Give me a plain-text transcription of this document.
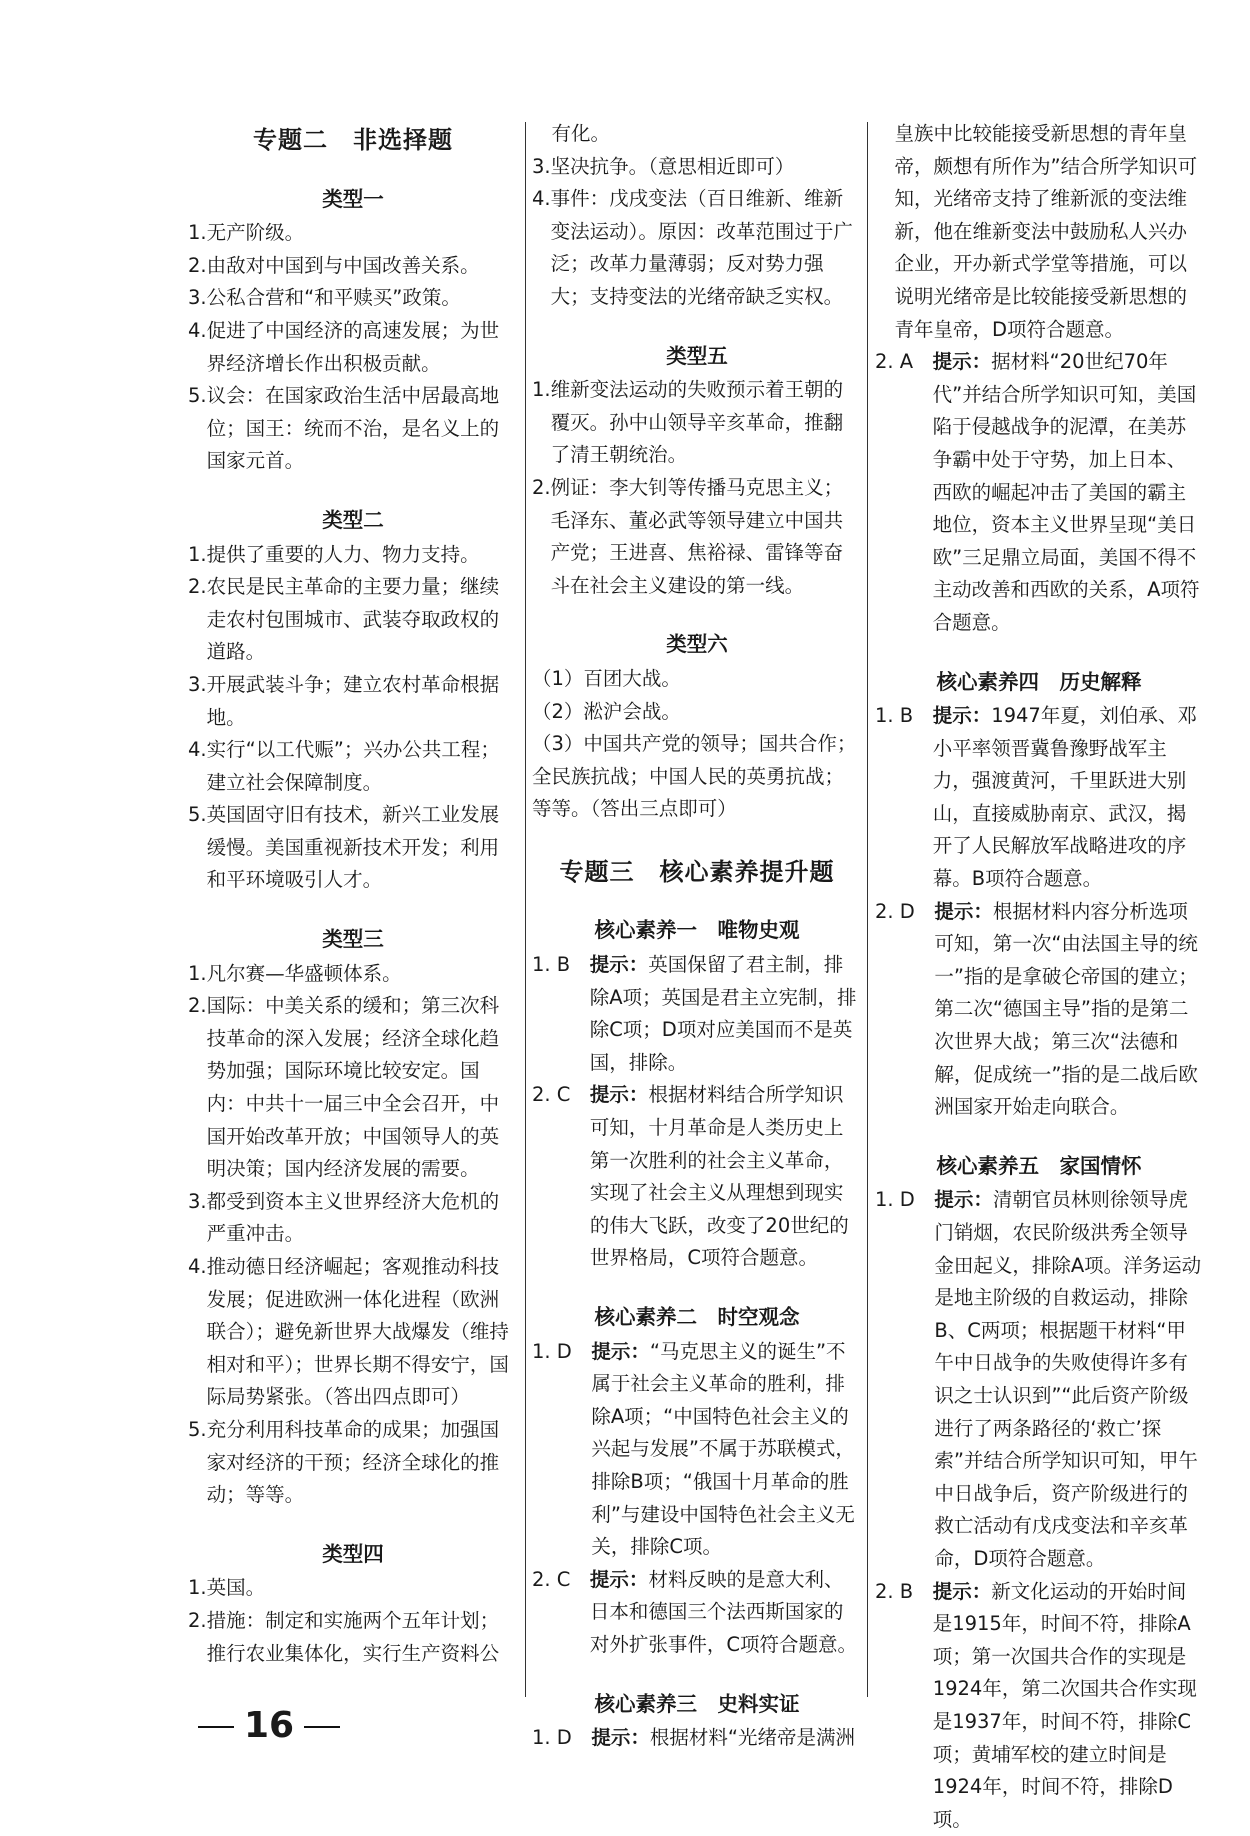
专题二　非选择题
类型一
1. 无产阶级。
2. 由敌对中国到与中国改善关系。
3. 公私合营和“和平赎买”政策。
4. 促进了中国经济的高速发展；为世界经济增长作出积极贡献。
5. 议会：在国家政治生活中居最高地位；国王：统而不治，是名义上的国家元首。
类型二
1. 提供了重要的人力、物力支持。
2. 农民是民主革命的主要力量；继续走农村包围城市、武装夺取政权的道路。
3. 开展武装斗争；建立农村革命根据地。
4. 实行“以工代赈”；兴办公共工程；建立社会保障制度。
5. 英国固守旧有技术，新兴工业发展缓慢。美国重视新技术开发；利用和平环境吸引人才。
类型三
1. 凡尔赛—华盛顿体系。
2. 国际：中美关系的缓和；第三次科技革命的深入发展；经济全球化趋势加强；国际环境比较安定。国内：中共十一届三中全会召开，中国开始改革开放；中国领导人的英明决策；国内经济发展的需要。
3. 都受到资本主义世界经济大危机的严重冲击。
4. 推动德日经济崛起；客观推动科技发展；促进欧洲一体化进程（欧洲联合）；避免新世界大战爆发（维持相对和平）；世界长期不得安宁，国际局势紧张。（答出四点即可）
5. 充分利用科技革命的成果；加强国家对经济的干预；经济全球化的推动；等等。
类型四
1. 英国。
2. 措施：制定和实施两个五年计划；推行农业集体化，实行生产资料公

有化。
3. 坚决抗争。（意思相近即可）
4. 事件：戊戌变法（百日维新、维新变法运动）。原因：改革范围过于广泛；改革力量薄弱；反对势力强大；支持变法的光绪帝缺乏实权。
类型五
1. 维新变法运动的失败预示着王朝的覆灭。孙中山领导辛亥革命，推翻了清王朝统治。
2. 例证：李大钊等传播马克思主义；毛泽东、董必武等领导建立中国共产党；王进喜、焦裕禄、雷锋等奋斗在社会主义建设的第一线。
类型六
（1）百团大战。
（2）淞沪会战。
（3）中国共产党的领导；国共合作；全民族抗战；中国人民的英勇抗战；等等。（答出三点即可）
专题三　核心素养提升题
核心素养一　唯物史观
1. B　 提示：英国保留了君主制，排除A项；英国是君主立宪制，排除C项；D项对应美国而不是英国，排除。
2. C　 提示：根据材料结合所学知识可知，十月革命是人类历史上第一次胜利的社会主义革命，实现了社会主义从理想到现实的伟大飞跃，改变了20世纪的世界格局，C项符合题意。
核心素养二　时空观念
1. D　 提示：“马克思主义的诞生”不属于社会主义革命的胜利，排除A项；“中国特色社会主义的兴起与发展”不属于苏联模式，排除B项；“俄国十月革命的胜利”与建设中国特色社会主义无关，排除C项。
2. C　 提示：材料反映的是意大利、日本和德国三个法西斯国家的对外扩张事件，C项符合题意。
核心素养三　史料实证
1. D　 提示：根据材料“光绪帝是满洲

皇族中比较能接受新思想的青年皇帝，颇想有所作为”结合所学知识可知，光绪帝支持了维新派的变法维新，他在维新变法中鼓励私人兴办企业，开办新式学堂等措施，可以说明光绪帝是比较能接受新思想的青年皇帝，D项符合题意。
2. A　 提示：据材料“20世纪70年代”并结合所学知识可知，美国陷于侵越战争的泥潭，在美苏争霸中处于守势，加上日本、西欧的崛起冲击了美国的霸主地位，资本主义世界呈现“美日欧”三足鼎立局面，美国不得不主动改善和西欧的关系，A项符合题意。
核心素养四　历史解释
1. B　 提示：1947年夏，刘伯承、邓小平率领晋冀鲁豫野战军主力，强渡黄河，千里跃进大别山，直接威胁南京、武汉，揭开了人民解放军战略进攻的序幕。B项符合题意。
2. D　 提示：根据材料内容分析选项可知，第一次“由法国主导的统一”指的是拿破仑帝国的建立；第二次“德国主导”指的是第二次世界大战；第三次“法德和解，促成统一”指的是二战后欧洲国家开始走向联合。
核心素养五　家国情怀
1. D　 提示：清朝官员林则徐领导虎门销烟，农民阶级洪秀全领导金田起义，排除A项。洋务运动是地主阶级的自救运动，排除B、C两项；根据题干材料“甲午中日战争的失败使得许多有识之士认识到”“此后资产阶级进行了两条路径的‘救亡’探索”并结合所学知识可知，甲午中日战争后，资产阶级进行的救亡活动有戊戌变法和辛亥革命，D项符合题意。
2. B　 提示：新文化运动的开始时间是1915年，时间不符，排除A项；第一次国共合作的实现是1924年，第二次国共合作实现是1937年，时间不符，排除C项；黄埔军校的建立时间是1924年，时间不符，排除D项。
16
